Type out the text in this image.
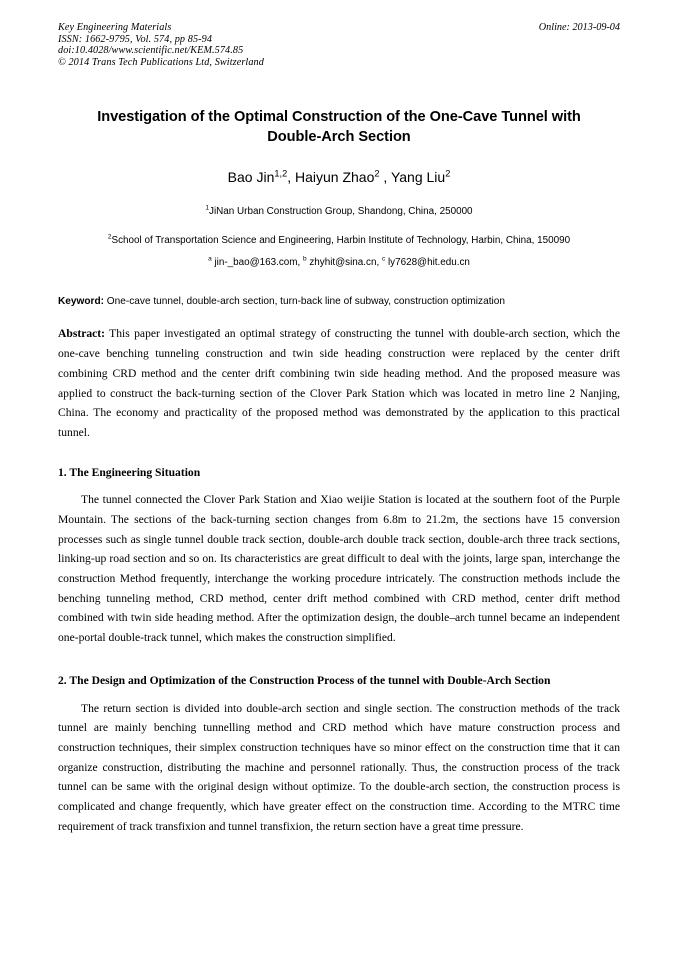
Key Engineering Materials
ISSN: 1662-9795, Vol. 574, pp 85-94
doi:10.4028/www.scientific.net/KEM.574.85
© 2014 Trans Tech Publications Ltd, Switzerland
Online: 2013-09-04
Investigation of the Optimal Construction of the One-Cave Tunnel with Double-Arch Section
Bao Jin$^{1,2}$, Haiyun Zhao$^2$ , Yang Liu$^2$
$^1$JiNan Urban Construction Group, Shandong, China, 250000
$^2$School of Transportation Science and Engineering, Harbin Institute of Technology, Harbin, China, 150090
$^a$ jin-_bao@163.com, $^b$ zhyhit@sina.cn, $^c$ ly7628@hit.edu.cn
Keyword: One-cave tunnel, double-arch section, turn-back line of subway, construction optimization
Abstract: This paper investigated an optimal strategy of constructing the tunnel with double-arch section, which the one-cave benching tunneling construction and twin side heading construction were replaced by the center drift combining CRD method and the center drift combining twin side heading method. And the proposed measure was applied to construct the back-turning section of the Clover Park Station which was located in metro line 2 Nanjing, China. The economy and practicality of the proposed method was demonstrated by the application to this practical tunnel.
1. The Engineering Situation

The tunnel connected the Clover Park Station and Xiao weijie Station is located at the southern foot of the Purple Mountain. The sections of the back-turning section changes from 6.8m to 21.2m, the sections have 15 conversion processes such as single tunnel double track section, double-arch double track section, double-arch three track sections, linking-up road section and so on. Its characteristics are great difficult to deal with the joints, large span, interchange the construction Method frequently, interchange the working procedure intricately. The construction methods include the benching tunneling method, CRD method, center drift method combined with CRD method, center drift method combined with twin side heading method. After the optimization design, the double–arch tunnel became an independent one-portal double-track tunnel, which makes the construction simplified.

2. The Design and Optimization of the Construction Process of the tunnel with Double-Arch Section

The return section is divided into double-arch section and single section. The construction methods of the track tunnel are mainly benching tunnelling method and CRD method which have mature construction process and construction techniques, their simplex construction techniques have so minor effect on the construction time that it can organize construction, distributing the machine and personnel rationally. Thus, the construction process of the track tunnel can be same with the original design without optimize. To the double-arch section, the construction process is complicated and change frequently, which have greater effect on the construction time. According to the MTRC time requirement of track transfixion and tunnel transfixion, the return section have a great time pressure.
